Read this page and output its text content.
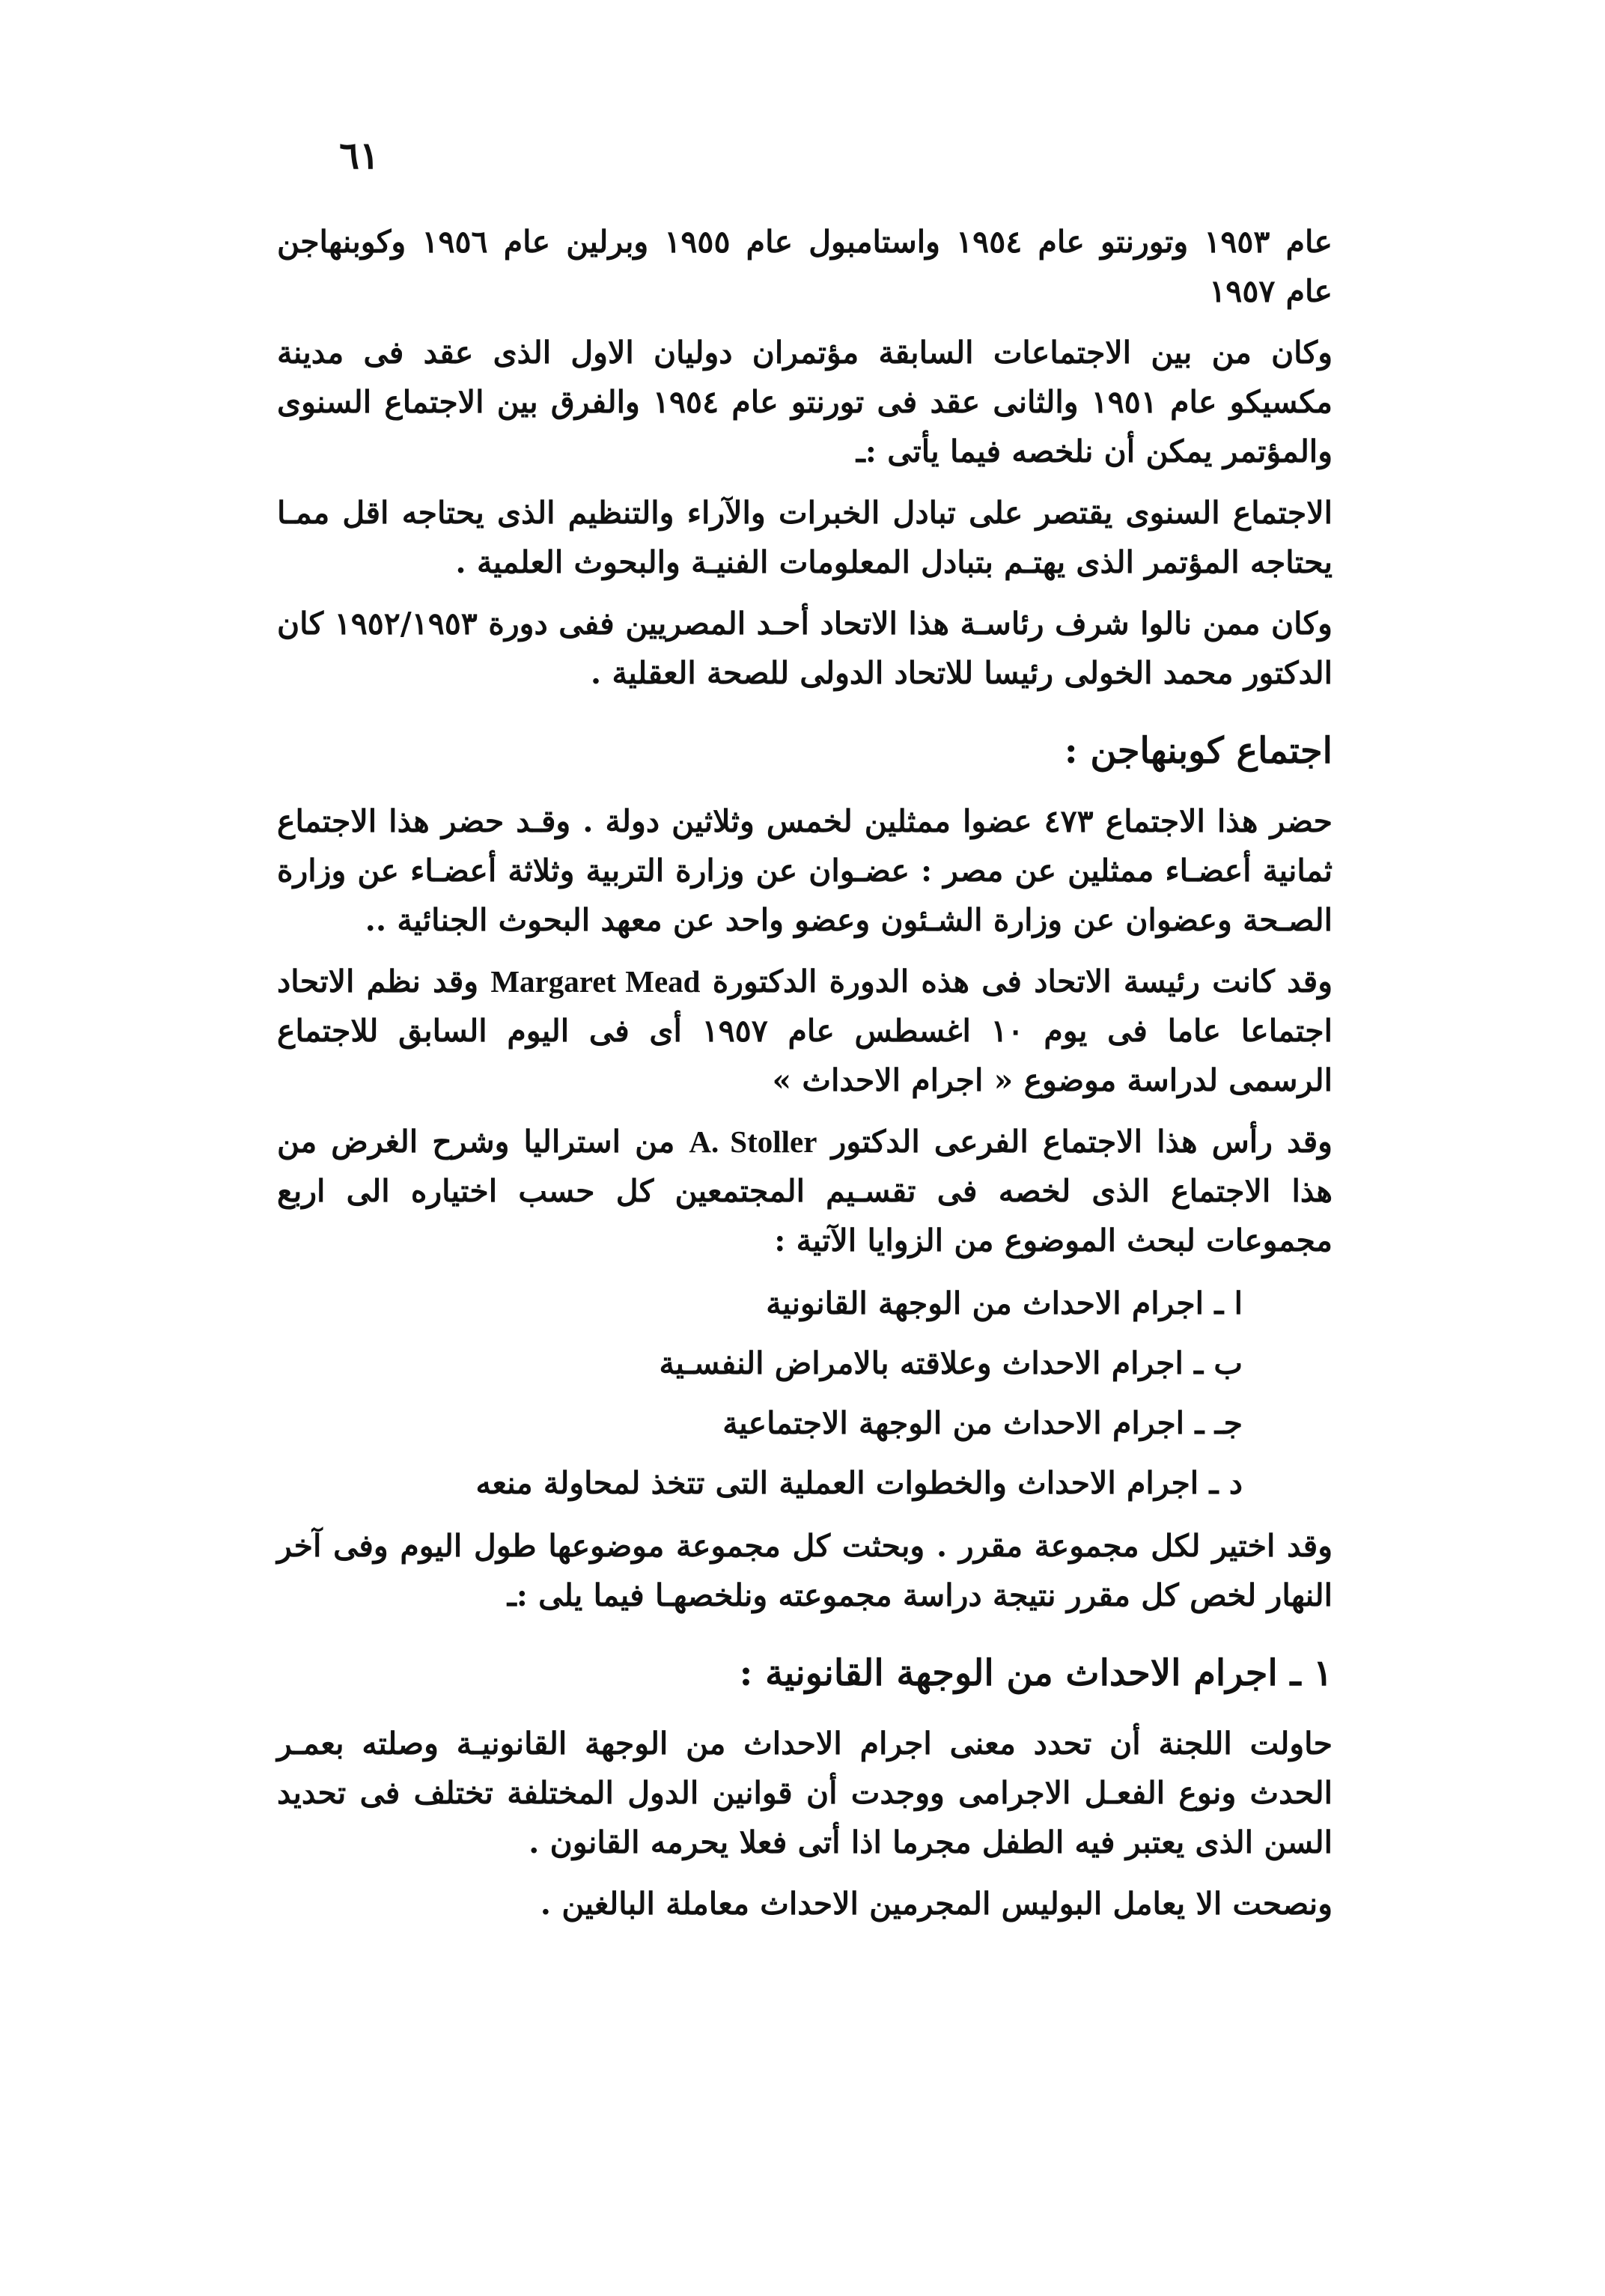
٦١

عام ١٩٥٣ وتورنتو عام ١٩٥٤ واستامبول عام ١٩٥٥ وبرلين عام ١٩٥٦ وكوبنهاجن عام ١٩٥٧

وكان من بين الاجتماعات السابقة مؤتمران دوليان الاول الذى عقد فى مدينة مكسيكو عام ١٩٥١ والثانى عقد فى تورنتو عام ١٩٥٤ والفرق بين الاجتماع السنوى والمؤتمر يمكن أن نلخصه فيما يأتى :ـ

الاجتماع السنوى يقتصر على تبادل الخبرات والآراء والتنظيم الذى يحتاجه اقل ممـا يحتاجه المؤتمر الذى يهتـم بتبادل المعلومات الفنيـة والبحوث العلمية .

وكان ممن نالوا شرف رئاسـة هذا الاتحاد أحـد المصريين ففى دورة ١٩٥٢/١٩٥٣ كان الدكتور محمد الخولى رئيسا للاتحاد الدولى للصحة العقلية .

اجتماع كوبنهاجن :

حضر هذا الاجتماع ٤٧٣ عضوا ممثلين لخمس وثلاثين دولة . وقـد حضر هذا الاجتماع ثمانية أعضـاء ممثلين عن مصر : عضـوان عن وزارة التربية وثلاثة أعضـاء عن وزارة الصـحة وعضوان عن وزارة الشـئون وعضو واحد عن معهد البحوث الجنائية ..

وقد كانت رئيسة الاتحاد فى هذه الدورة الدكتورة Margaret Mead وقد نظم الاتحاد اجتماعا عاما فى يوم ١٠ اغسطس عام ١٩٥٧ أى فى اليوم السابق للاجتماع الرسمى لدراسة موضوع « اجرام الاحداث »

وقد رأس هذا الاجتماع الفرعى الدكتور A. Stoller من استراليا وشرح الغرض من هذا الاجتماع الذى لخصه فى تقسـيم المجتمعين كل حسب اختياره الى اربع مجموعات لبحث الموضوع من الزوايا الآتية :

ا ـ اجرام الاحداث من الوجهة القانونية
ب ـ اجرام الاحداث وعلاقته بالامراض النفسـية
جـ ـ اجرام الاحداث من الوجهة الاجتماعية
د ـ اجرام الاحداث والخطوات العملية التى تتخذ لمحاولة منعه

وقد اختير لكل مجموعة مقرر . وبحثت كل مجموعة موضوعها طول اليوم وفى آخر النهار لخص كل مقرر نتيجة دراسة مجموعته ونلخصهـا فيما يلى :ـ

١ ـ اجرام الاحداث من الوجهة القانونية :

حاولت اللجنة أن تحدد معنى اجرام الاحداث من الوجهة القانونيـة وصلته بعمـر الحدث ونوع الفعـل الاجرامى ووجدت أن قوانين الدول المختلفة تختلف فى تحديد السن الذى يعتبر فيه الطفل مجرما اذا أتى فعلا يحرمه القانون .

ونصحت الا يعامل البوليس المجرمين الاحداث معاملة البالغين .
